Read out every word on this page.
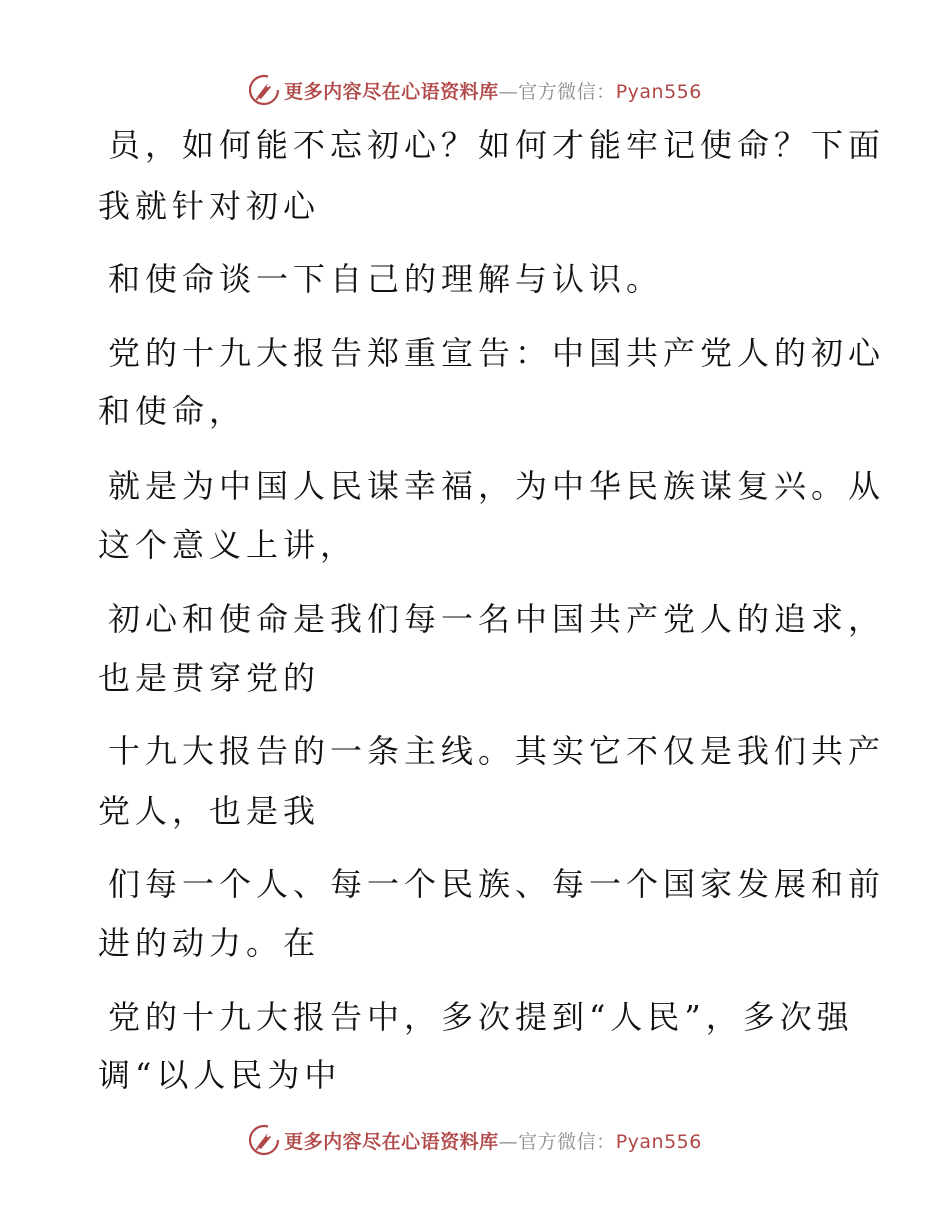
更多内容尽在心语资料库—官方微信：Pyan556
员，如何能不忘初心？如何才能牢记使命？下面
我就针对初心
和使命谈一下自己的理解与认识。
党的十九大报告郑重宣告：中国共产党人的初心
和使命，
就是为中国人民谋幸福，为中华民族谋复兴。从
这个意义上讲，
初心和使命是我们每一名中国共产党人的追求，
也是贯穿党的
十九大报告的一条主线。其实它不仅是我们共产
党人，也是我
们每一个人、每一个民族、每一个国家发展和前
进的动力。在
党的十九大报告中，多次提到“人民”，多次强
调“以人民为中
更多内容尽在心语资料库—官方微信：Pyan556
